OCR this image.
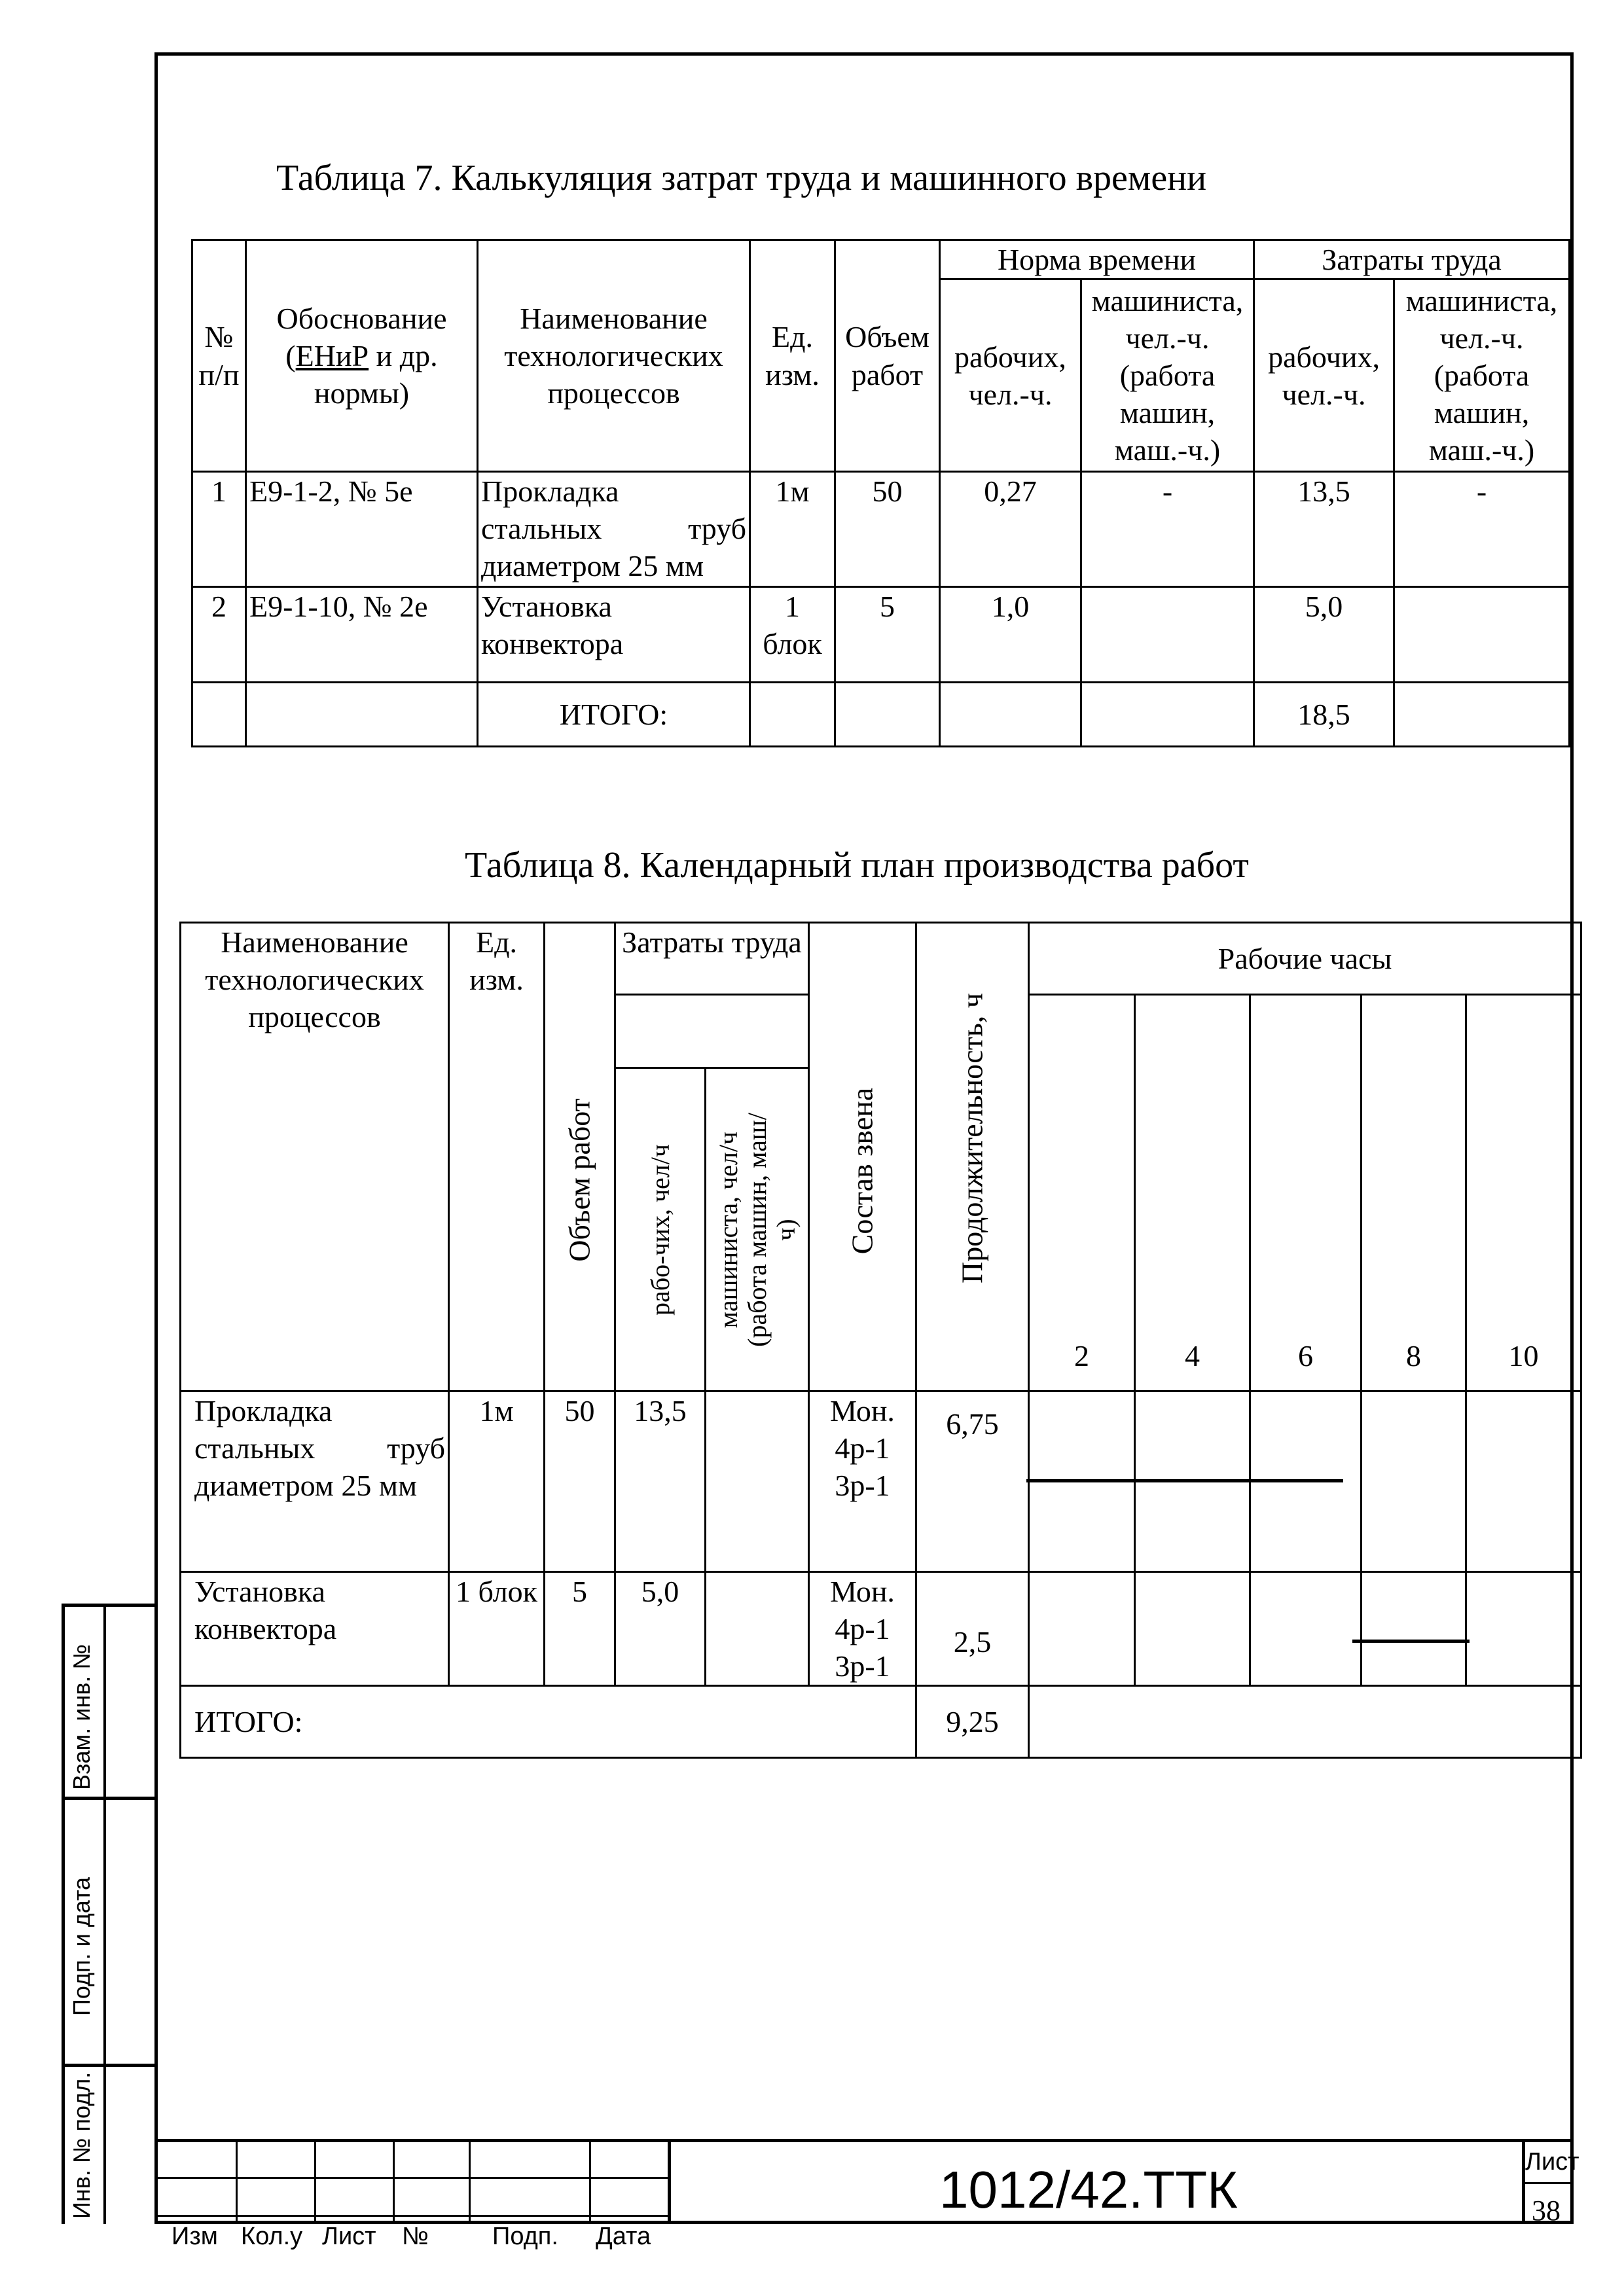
Таблица 7. Калькуляция затрат труда и машинного времени
№ п/п	Обоснование (ЕНиР и др. нормы)	Наименование технологических процессов	Ед. изм.	Объем работ	Норма времени		Затраты труда	
					рабочих, чел.-ч.	машиниста, чел.-ч. (работа машин, маш.-ч.)	рабочих, чел.-ч.	машиниста, чел.-ч. (работа машин, маш.-ч.)
1	Е9-1-2, № 5е	Прокладка стальных труб диаметром 25 мм	1м	50	0,27	-	13,5	-
2	Е9-1-10, № 2е	Установка конвектора	1 блок	5	1,0		5,0	
		ИТОГО:					18,5	
Таблица 8. Календарный план производства работ
Наименование технологических процессов	Ед. изм.	Объем работ	Затраты труда		Состав звена	Продолжительность, ч	Рабочие часы				
							2	4	6	8	10

			рабо-чих, чел/ч	машиниста, чел/ч (работа машин, маш/ч)							

Прокладка стальных труб диаметром 25 мм	1м	50	13,5		Мон. 4р-1 3р-1	6,75					
Установка конвектора	1 блок	5	5,0		Мон. 4р-1 3р-1	2,5					
ИТОГО:						9,25					
Взам. инв. №
Подп. и дата
Инв. № подл.
Изм Кол.у Лист №	Подп. Дата
1012/42.ТТК	Лист
38
